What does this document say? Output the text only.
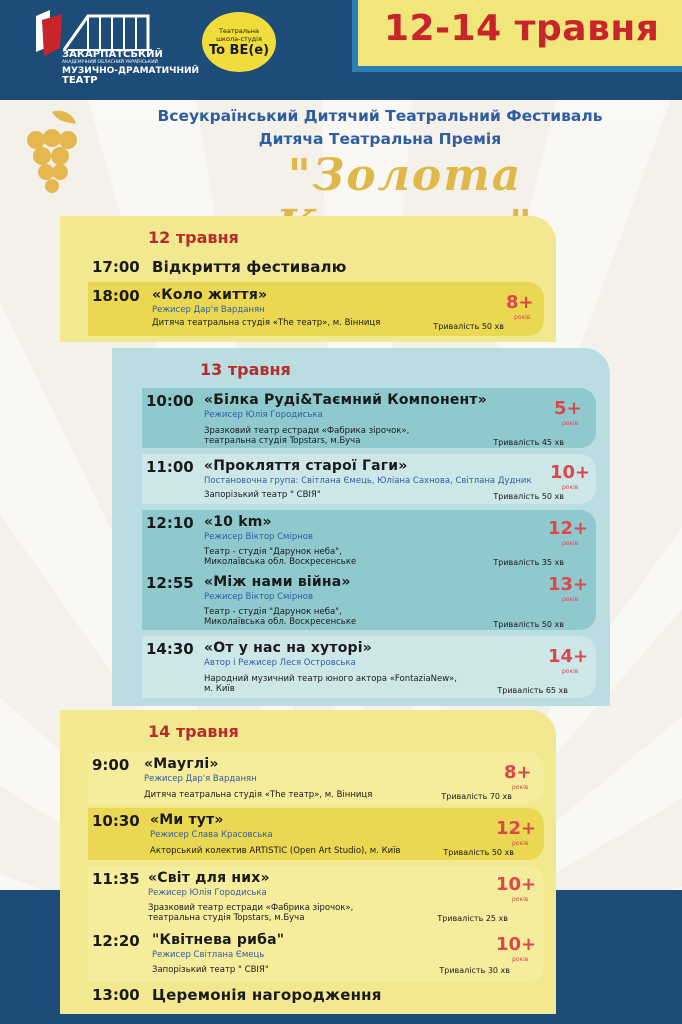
12-14 травня
ЗАКАРПАТСЬКИЙ
АКАДЕМІЧНИЙ ОБЛАСНИЙ УКРАЇНСЬКИЙ
МУЗИЧНО-ДРАМАТИЧНИЙ
ТЕАТР
Театральна
школа-студія
To BE(e)
Всеукраїнський Дитячий Театральний Фестиваль
Дитяча Театральна Премія
"Золота
12 травня
17:00 Відкриття фестивалю
18:00 «Коло життя»
Режисер Дар'я Варданян
Дитяча театральна студія «The театр», м. Вінниця	Тривалість 50 хв
8+
років
13 травня
10:00 «Білка Руді&Таємний Компонент»
Режисер Юлія Городиська
Зразковий театр естради «Фабрика зірочок»,
театральна студія Topstars, м.Буча	Тривалість 45 хв
5+
років
11:00 «Прокляття старої Гаги»
Постановочна група: Світлана Ємець, Юліана Сахнова, Світлана Дудник
Запорізький театр " СВІЯ"	Тривалість 50 хв
10+
років
12:10 «10 km»
Режисер Віктор Смірнов
Театр - студія "Дарунок неба",
Миколаївська обл. Воскресенське	Тривалість 35 хв
12+
років
12:55 «Між нами війна»
Режисер Віктор Смірнов
Театр - студія "Дарунок неба",
Миколаївська обл. Воскресенське	Тривалість 50 хв
13+
років
14:30 «От у нас на хуторі»
Автор і Режисер Леся Островська
Народний музичний театр юного актора «FontaziaNew»,
м. Київ	Тривалість 65 хв
14+
років
14 травня
9:00 «Мауглі»
Режисер Дар'я Варданян
Дитяча театральна студія «The театр», м. Вінниця	Тривалість 70 хв
8+
років
10:30 «Ми тут»
Режисер Слава Красовська
Акторський колектив ARTISTIC (Open Art Studio), м. Київ	Тривалість 50 хв
12+
років
11:35 «Світ для них»
Режисер Юлія Городиська
Зразковий театр естради «Фабрика зірочок»,
театральна студія Topstars, м.Буча	Тривалість 25 хв
10+
років
12:20 "Квітнева риба"
Режисер Світлана Ємець
Запорізький театр " СВІЯ"	Тривалість 30 хв
10+
років
13:00 Церемонія нагородження
